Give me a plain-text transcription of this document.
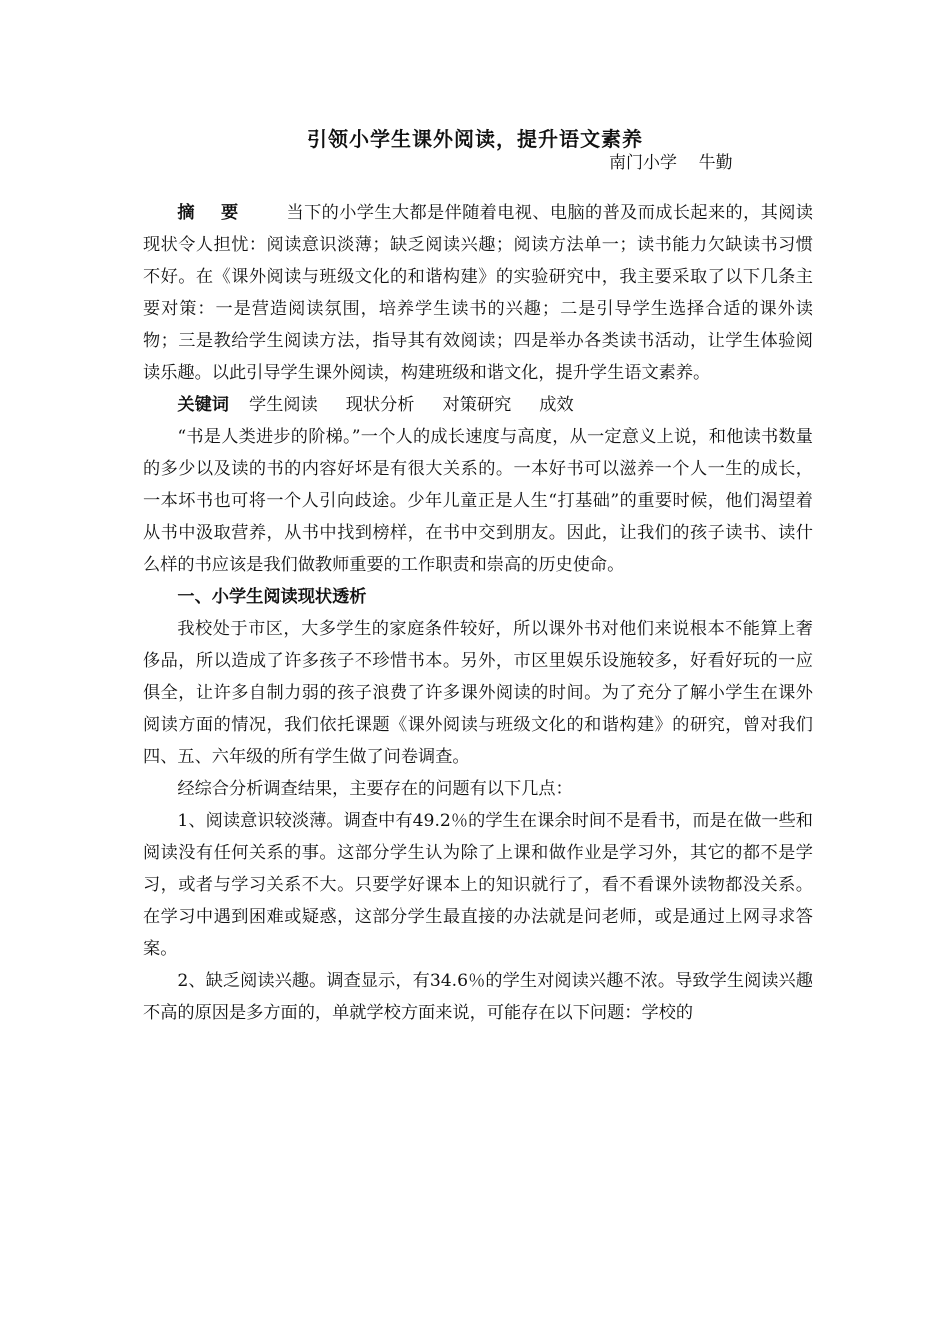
引领小学生课外阅读，提升语文素养
南门小学    牛勤

摘要 当下的小学生大都是伴随着电视、电脑的普及而成长起来的，其阅读现状令人担忧：阅读意识淡薄；缺乏阅读兴趣；阅读方法单一；读书能力欠缺读书习惯不好。在《课外阅读与班级文化的和谐构建》的实验研究中，我主要采取了以下几条主要对策：一是营造阅读氛围，培养学生读书的兴趣；二是引导学生选择合适的课外读物；三是教给学生阅读方法，指导其有效阅读；四是举办各类读书活动，让学生体验阅读乐趣。以此引导学生课外阅读，构建班级和谐文化，提升学生语文素养。

关键词 学生阅读 现状分析 对策研究 成效

“书是人类进步的阶梯。”一个人的成长速度与高度，从一定意义上说，和他读书数量的多少以及读的书的内容好坏是有很大关系的。一本好书可以滋养一个人一生的成长，一本坏书也可将一个人引向歧途。少年儿童正是人生“打基础”的重要时候，他们渴望着从书中汲取营养，从书中找到榜样，在书中交到朋友。因此，让我们的孩子读书、读什么样的书应该是我们做教师重要的工作职责和崇高的历史使命。

一、小学生阅读现状透析

我校处于市区，大多学生的家庭条件较好，所以课外书对他们来说根本不能算上奢侈品，所以造成了许多孩子不珍惜书本。另外，市区里娱乐设施较多，好看好玩的一应俱全，让许多自制力弱的孩子浪费了许多课外阅读的时间。为了充分了解小学生在课外阅读方面的情况，我们依托课题《课外阅读与班级文化的和谐构建》的研究，曾对我们四、五、六年级的所有学生做了问卷调查。

经综合分析调查结果，主要存在的问题有以下几点：

1、阅读意识较淡薄。调查中有49.2％的学生在课余时间不是看书，而是在做一些和阅读没有任何关系的事。这部分学生认为除了上课和做作业是学习外，其它的都不是学习，或者与学习关系不大。只要学好课本上的知识就行了，看不看课外读物都没关系。在学习中遇到困难或疑惑，这部分学生最直接的办法就是问老师，或是通过上网寻求答案。

2、缺乏阅读兴趣。调查显示，有34.6％的学生对阅读兴趣不浓。导致学生阅读兴趣不高的原因是多方面的，单就学校方面来说，可能存在以下问题：学校的
